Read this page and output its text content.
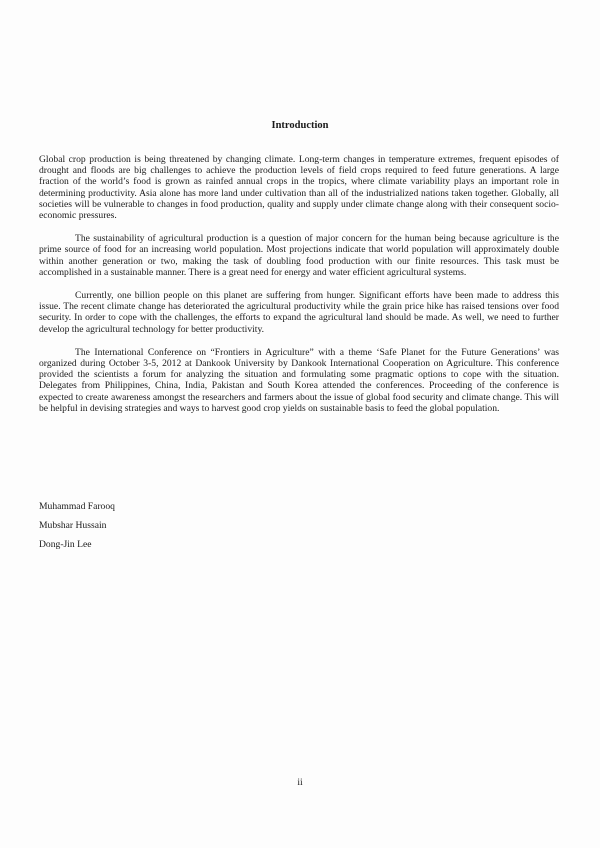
Introduction

Global crop production is being threatened by changing climate. Long-term changes in temperature extremes, frequent episodes of drought and floods are big challenges to achieve the production levels of field crops required to feed future generations. A large fraction of the world’s food is grown as rainfed annual crops in the tropics, where climate variability plays an important role in determining productivity. Asia alone has more land under cultivation than all of the industrialized nations taken together. Globally, all societies will be vulnerable to changes in food production, quality and supply under climate change along with their consequent socio-economic pressures.

The sustainability of agricultural production is a question of major concern for the human being because agriculture is the prime source of food for an increasing world population. Most projections indicate that world population will approximately double within another generation or two, making the task of doubling food production with our finite resources. This task must be accomplished in a sustainable manner. There is a great need for energy and water efficient agricultural systems.

Currently, one billion people on this planet are suffering from hunger. Significant efforts have been made to address this issue. The recent climate change has deteriorated the agricultural productivity while the grain price hike has raised tensions over food security. In order to cope with the challenges, the efforts to expand the agricultural land should be made. As well, we need to further develop the agricultural technology for better productivity.

The International Conference on “Frontiers in Agriculture” with a theme ‘Safe Planet for the Future Generations’ was organized during October 3-5, 2012 at Dankook University by Dankook International Cooperation on Agriculture. This conference provided the scientists a forum for analyzing the situation and formulating some pragmatic options to cope with the situation. Delegates from Philippines, China, India, Pakistan and South Korea attended the conferences. Proceeding of the conference is expected to create awareness amongst the researchers and farmers about the issue of global food security and climate change. This will be helpful in devising strategies and ways to harvest good crop yields on sustainable basis to feed the global population.

Muhammad Farooq
Mubshar Hussain
Dong-Jin Lee
ii
